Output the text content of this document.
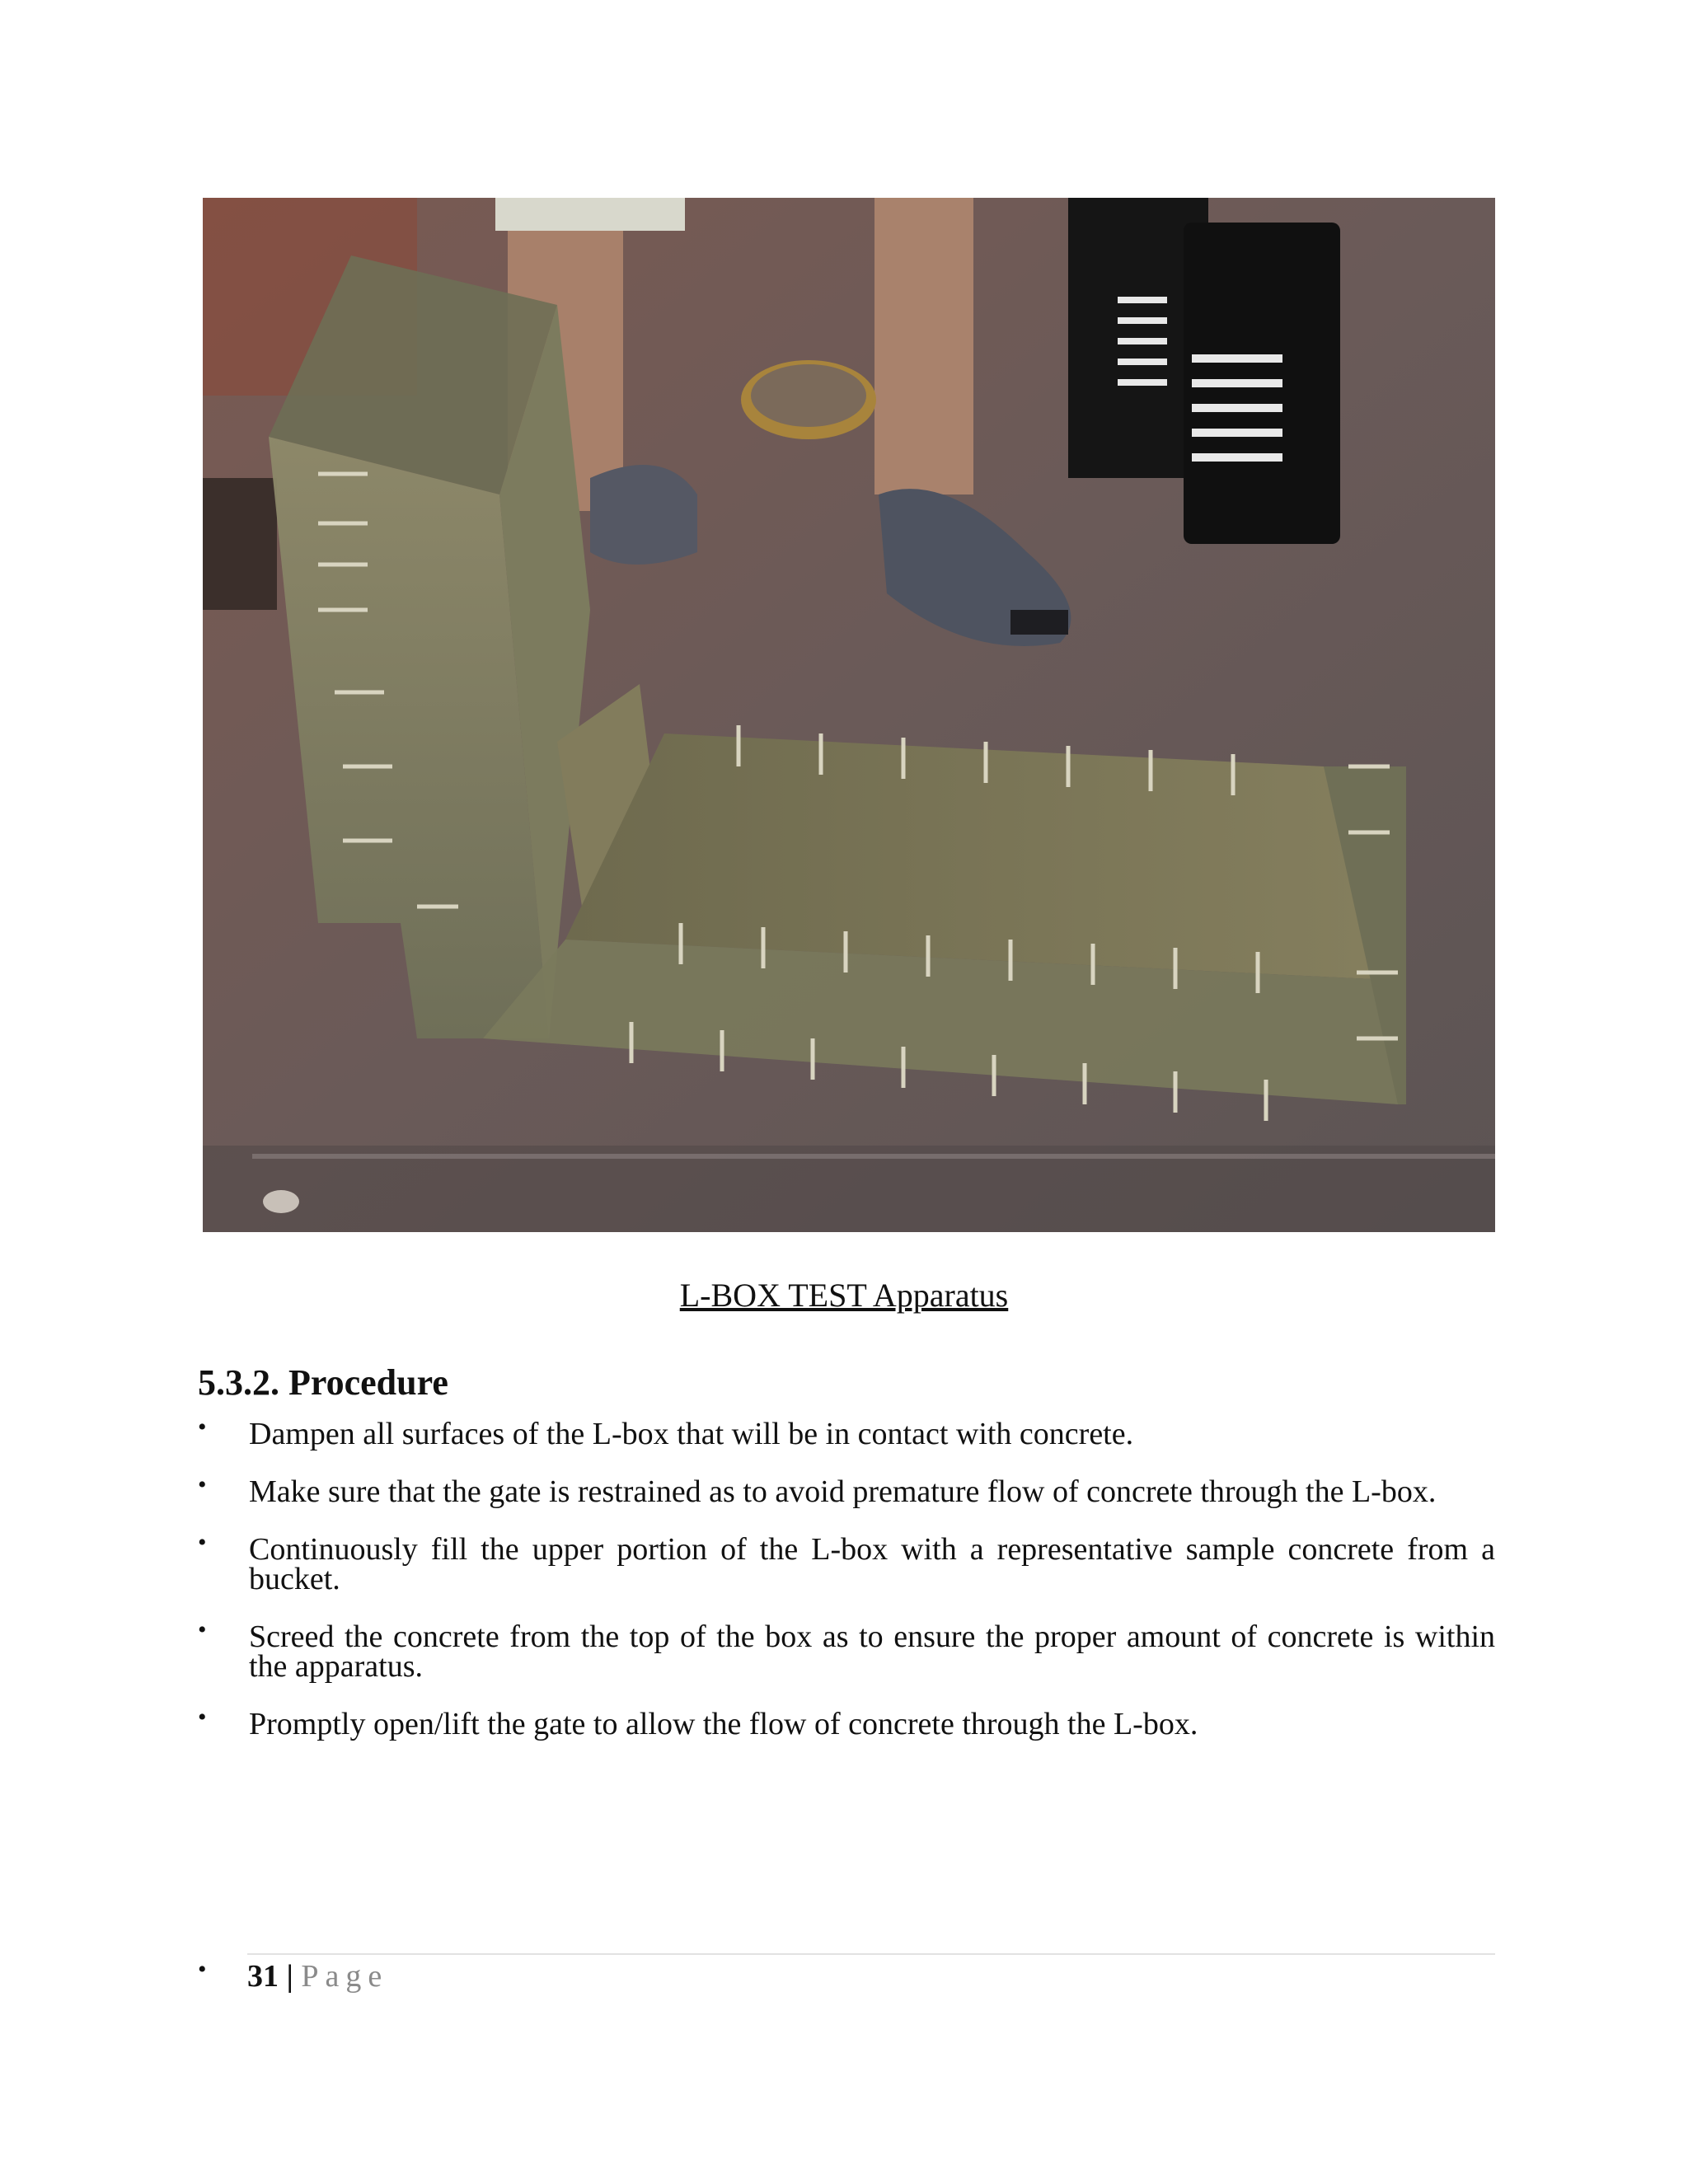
L-BOX TEST Apparatus
5.3.2. Procedure
• Dampen all surfaces of the L-box that will be in contact with concrete.
• Make sure that the gate is restrained as to avoid premature flow of concrete through the L-box.
• Continuously fill the upper portion of the L-box with a representative sample concrete from a bucket.
• Screed the concrete from the top of the box as to ensure the proper amount of concrete is within the apparatus.
• Promptly open/lift the gate to allow the flow of concrete through the L-box.
• 31 | Page
